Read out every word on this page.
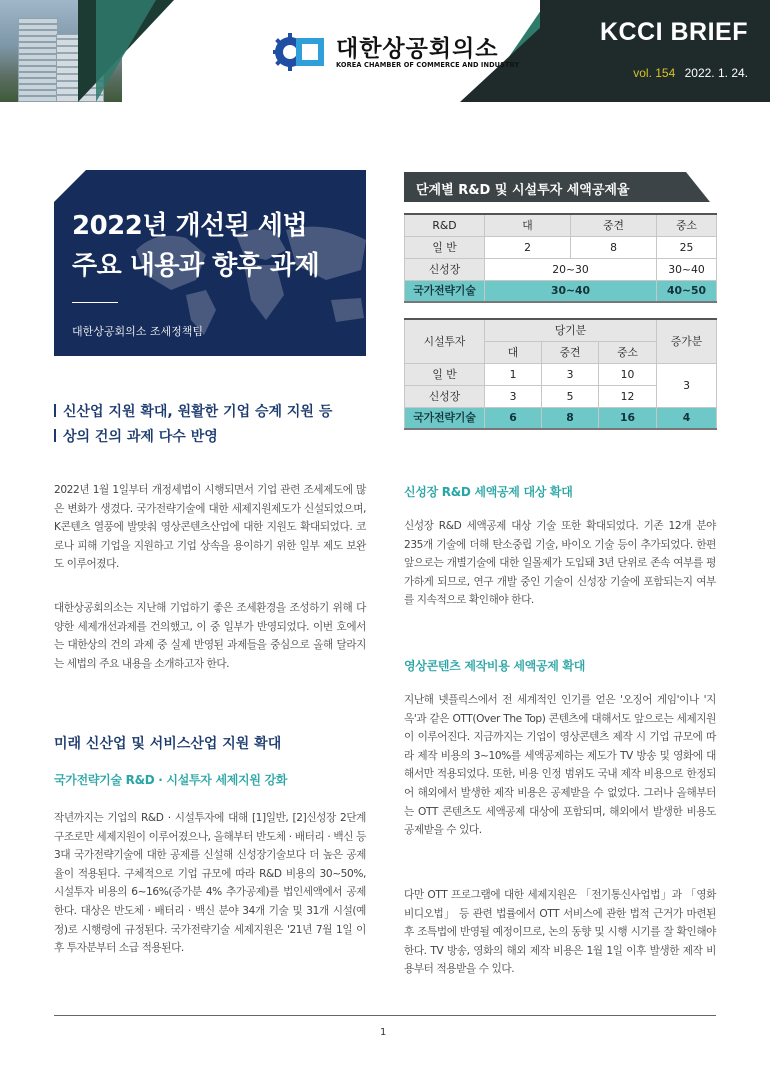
대한상공회의소
KOREA CHAMBER OF COMMERCE AND INDUSTRY
KCCI BRIEF
vol. 154 2022. 1. 24.
2022년 개선된 세법
주요 내용과 향후 과제
대한상공회의소 조세정책팀
신산업 지원 확대, 원활한 기업 승계 지원 등
상의 건의 과제 다수 반영

2022년 1월 1일부터 개정세법이 시행되면서 기업 관련 조세제도에 많은 변화가 생겼다. 국가전략기술에 대한 세제지원제도가 신설되었으며, K콘텐츠 열풍에 발맞춰 영상콘텐츠산업에 대한 지원도 확대되었다. 코로나 피해 기업을 지원하고 기업 상속을 용이하기 위한 일부 제도 보완도 이루어졌다.

대한상공회의소는 지난해 기업하기 좋은 조세환경을 조성하기 위해 다양한 세제개선과제를 건의했고, 이 중 일부가 반영되었다. 이번 호에서는 대한상의 건의 과제 중 실제 반영된 과제들을 중심으로 올해 달라지는 세법의 주요 내용을 소개하고자 한다.

미래 신산업 및 서비스산업 지원 확대
국가전략기술 R&D · 시설투자 세제지원 강화

작년까지는 기업의 R&D · 시설투자에 대해 [1]일반, [2]신성장 2단계 구조로만 세제지원이 이루어졌으나, 올해부터 반도체 · 배터리 · 백신 등 3대 국가전략기술에 대한 공제를 신설해 신성장기술보다 더 높은 공제율이 적용된다. 구체적으로 기업 규모에 따라 R&D 비용의 30~50%, 시설투자 비용의 6~16%(증가분 4% 추가공제)를 법인세액에서 공제한다. 대상은 반도체 · 배터리 · 백신 분야 34개 기술 및 31개 시설(예정)로 시행령에 규정된다. 국가전략기술 세제지원은 '21년 7월 1일 이후 투자분부터 소급 적용된다.

단계별 R&D 및 시설투자 세액공제율
R&D	대	중견	중소
일 반	2	8	25
신성장	20~30		30~40
국가전략기술	30~40		40~50
시설투자	당기분			증가분
	대	중견	중소	
일 반	1	3	10	3
신성장	3	5	12	
국가전략기술	6	8	16	4
신성장 R&D 세액공제 대상 확대

신성장 R&D 세액공제 대상 기술 또한 확대되었다. 기존 12개 분야 235개 기술에 더해 탄소중립 기술, 바이오 기술 등이 추가되었다. 한편 앞으로는 개별기술에 대한 일몰제가 도입돼 3년 단위로 존속 여부를 평가하게 되므로, 연구 개발 중인 기술이 신성장 기술에 포함되는지 여부를 지속적으로 확인해야 한다.

영상콘텐츠 제작비용 세액공제 확대

지난해 넷플릭스에서 전 세계적인 인기를 얻은 '오징어 게임'이나 '지옥'과 같은 OTT(Over The Top) 콘텐츠에 대해서도 앞으로는 세제지원이 이루어진다. 지금까지는 기업이 영상콘텐츠 제작 시 기업 규모에 따라 제작 비용의 3~10%를 세액공제하는 제도가 TV 방송 및 영화에 대해서만 적용되었다. 또한, 비용 인정 범위도 국내 제작 비용으로 한정되어 해외에서 발생한 제작 비용은 공제받을 수 없었다. 그러나 올해부터는 OTT 콘텐츠도 세액공제 대상에 포함되며, 해외에서 발생한 비용도 공제받을 수 있다.

다만 OTT 프로그램에 대한 세제지원은 「전기통신사업법」과 「영화비디오법」 등 관련 법률에서 OTT 서비스에 관한 법적 근거가 마련된 후 조특법에 반영될 예정이므로, 논의 동향 및 시행 시기를 잘 확인해야 한다. TV 방송, 영화의 해외 제작 비용은 1월 1일 이후 발생한 제작 비용부터 적용받을 수 있다.

1
